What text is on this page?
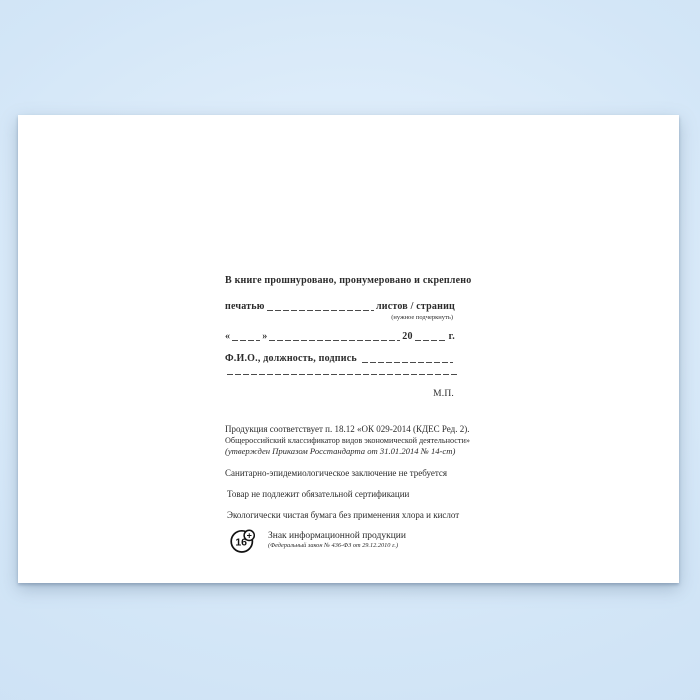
В книге прошнуровано, пронумеровано и скреплено
печатью	листов / страниц
(нужное подчеркнуть)
«	»	20	г.
Ф.И.О., должность, подпись
М.П.
Продукция соответствует п. 18.12 «ОК 029-2014 (КДЕС Ред. 2).
Общероссийский классификатор видов экономической деятельности»
(утвержден Приказом Росстандарта от 31.01.2014 № 14-ст)
Санитарно-эпидемиологическое заключение не требуется
Товар не подлежит обязательной сертификации
Экологически чистая бумага без применения хлора и кислот
16
+ Знак информационной продукции
(Федеральный закон № 436-ФЗ от 29.12.2010 г.)
